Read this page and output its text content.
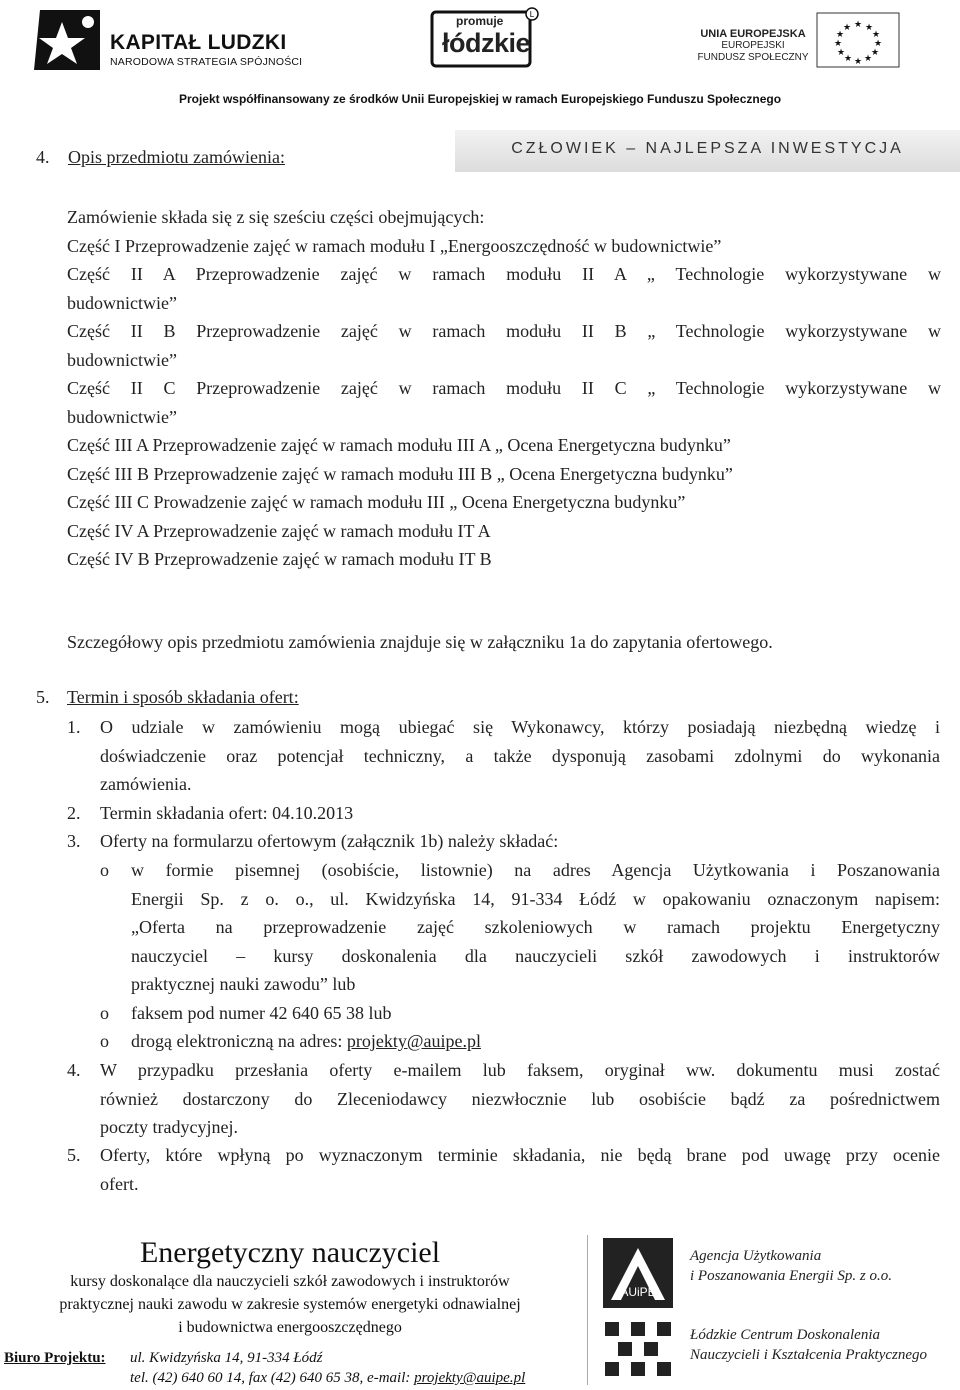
KAPITAŁ LUDZKI
NARODOWA STRATEGIA SPÓJNOŚCI
L
promuje
łódzkie	UNIA EUROPEJSKA
EUROPEJSKI
FUNDUSZ SPOŁECZNY
★ ★
★
★
★
★
★
★
★
★
★
★
Projekt współfinansowany ze środków Unii Europejskiej w ramach Europejskiego Funduszu Społecznego
4. Opis przedmiotu zamówienia:	CZŁOWIEK – NAJLEPSZA INWESTYCJA
Zamówienie składa się z się sześciu części obejmujących:
Część I Przeprowadzenie zajęć w ramach modułu I „Energooszczędność w budownictwie”
Część II A Przeprowadzenie zajęć w ramach modułu II A „ Technologie wykorzystywane w
budownictwie”
Część II B Przeprowadzenie zajęć w ramach modułu II B „ Technologie wykorzystywane w
budownictwie”
Część II C Przeprowadzenie zajęć w ramach modułu II C „ Technologie wykorzystywane w
budownictwie”
Część III A Przeprowadzenie zajęć w ramach modułu III A „ Ocena Energetyczna budynku”
Część III B Przeprowadzenie zajęć w ramach modułu III B „ Ocena Energetyczna budynku”
Część III C Prowadzenie zajęć w ramach modułu III „ Ocena Energetyczna budynku”
Część IV A Przeprowadzenie zajęć w ramach modułu IT A
Część IV B Przeprowadzenie zajęć w ramach modułu IT B
Szczegółowy opis przedmiotu zamówienia znajduje się w załączniku 1a do zapytania ofertowego.
5. Termin i sposób składania ofert:
1. O udziale w zamówieniu mogą ubiegać się Wykonawcy, którzy posiadają niezbędną wiedzę i
doświadczenie oraz potencjał techniczny, a także dysponują zasobami zdolnymi do wykonania
zamówienia.
2. Termin składania ofert: 04.10.2013
3. Oferty na formularzu ofertowym (załącznik 1b) należy składać:
o w formie pisemnej (osobiście, listownie) na adres Agencja Użytkowania i Poszanowania
Energii Sp. z o. o., ul. Kwidzyńska 14, 91-334 Łódź w opakowaniu oznaczonym napisem:
„Oferta na przeprowadzenie zajęć szkoleniowych w ramach projektu Energetyczny
nauczyciel – kursy doskonalenia dla nauczycieli szkół zawodowych i instruktorów
praktycznej nauki zawodu” lub
o faksem pod numer 42 640 65 38 lub
o drogą elektroniczną na adres: projekty@auipe.pl
4. W przypadku przesłania oferty e-mailem lub faksem, oryginał ww. dokumentu musi zostać
również dostarczony do Zleceniodawcy niezwłocznie lub osobiście bądź za pośrednictwem
poczty tradycyjnej.
5. Oferty, które wpłyną po wyznaczonym terminie składania, nie będą brane pod uwagę przy ocenie
ofert.
Energetyczny nauczyciel
kursy doskonalące dla nauczycieli szkół zawodowych i instruktorów
praktycznej nauki zawodu w zakresie systemów energetyki odnawialnej
i budownictwa energooszczędnego
Biuro Projektu: ul. Kwidzyńska 14, 91-334 Łódź
tel. (42) 640 60 14, fax (42) 640 65 38, e-mail: projekty@auipe.pl
AUiPE
Agencja Użytkowania
i Poszanowania Energii Sp. z o.o.
Łódzkie Centrum Doskonalenia
Nauczycieli i Kształcenia Praktycznego
